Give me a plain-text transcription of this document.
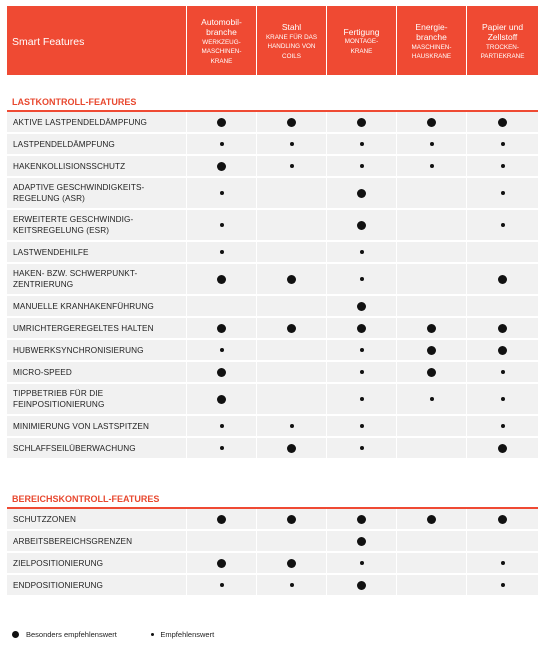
Smart Features
Automobil-
branche
WERKZEUG-
MASCHINEN-
KRANE
Stahl
KRANE FÜR DAS
HANDLING VON
COILS
Fertigung
MONTAGE-
KRANE
Energie-
branche
MASCHINEN-
HAUSKRANE
Papier und
Zellstoff
TROCKEN-
PARTIEKRANE
LASTKONTROLL-FEATURES
AKTIVE LASTPENDELDÄMPFUNG
LASTPENDELDÄMPFUNG
HAKENKOLLISIONSSCHUTZ
ADAPTIVE GESCHWINDIGKEITS-
REGELUNG (ASR)
ERWEITERTE GESCHWINDIG-
KEITSREGELUNG (ESR)
LASTWENDEHILFE
HAKEN- BZW. SCHWERPUNKT-
ZENTRIERUNG
MANUELLE KRANHAKENFÜHRUNG
UMRICHTERGEREGELTES HALTEN
HUBWERKSYNCHRONISIERUNG
MICRO-SPEED
TIPPBETRIEB FÜR DIE
FEINPOSITIONIERUNG
MINIMIERUNG VON LASTSPITZEN
SCHLAFFSEILÜBERWACHUNG
BEREICHSKONTROLL-FEATURES
SCHUTZZONEN
ARBEITSBEREICHSGRENZEN
ZIELPOSITIONIERUNG
ENDPOSITIONIERUNG
Besonders empfehlenswert	Empfehlenswert
